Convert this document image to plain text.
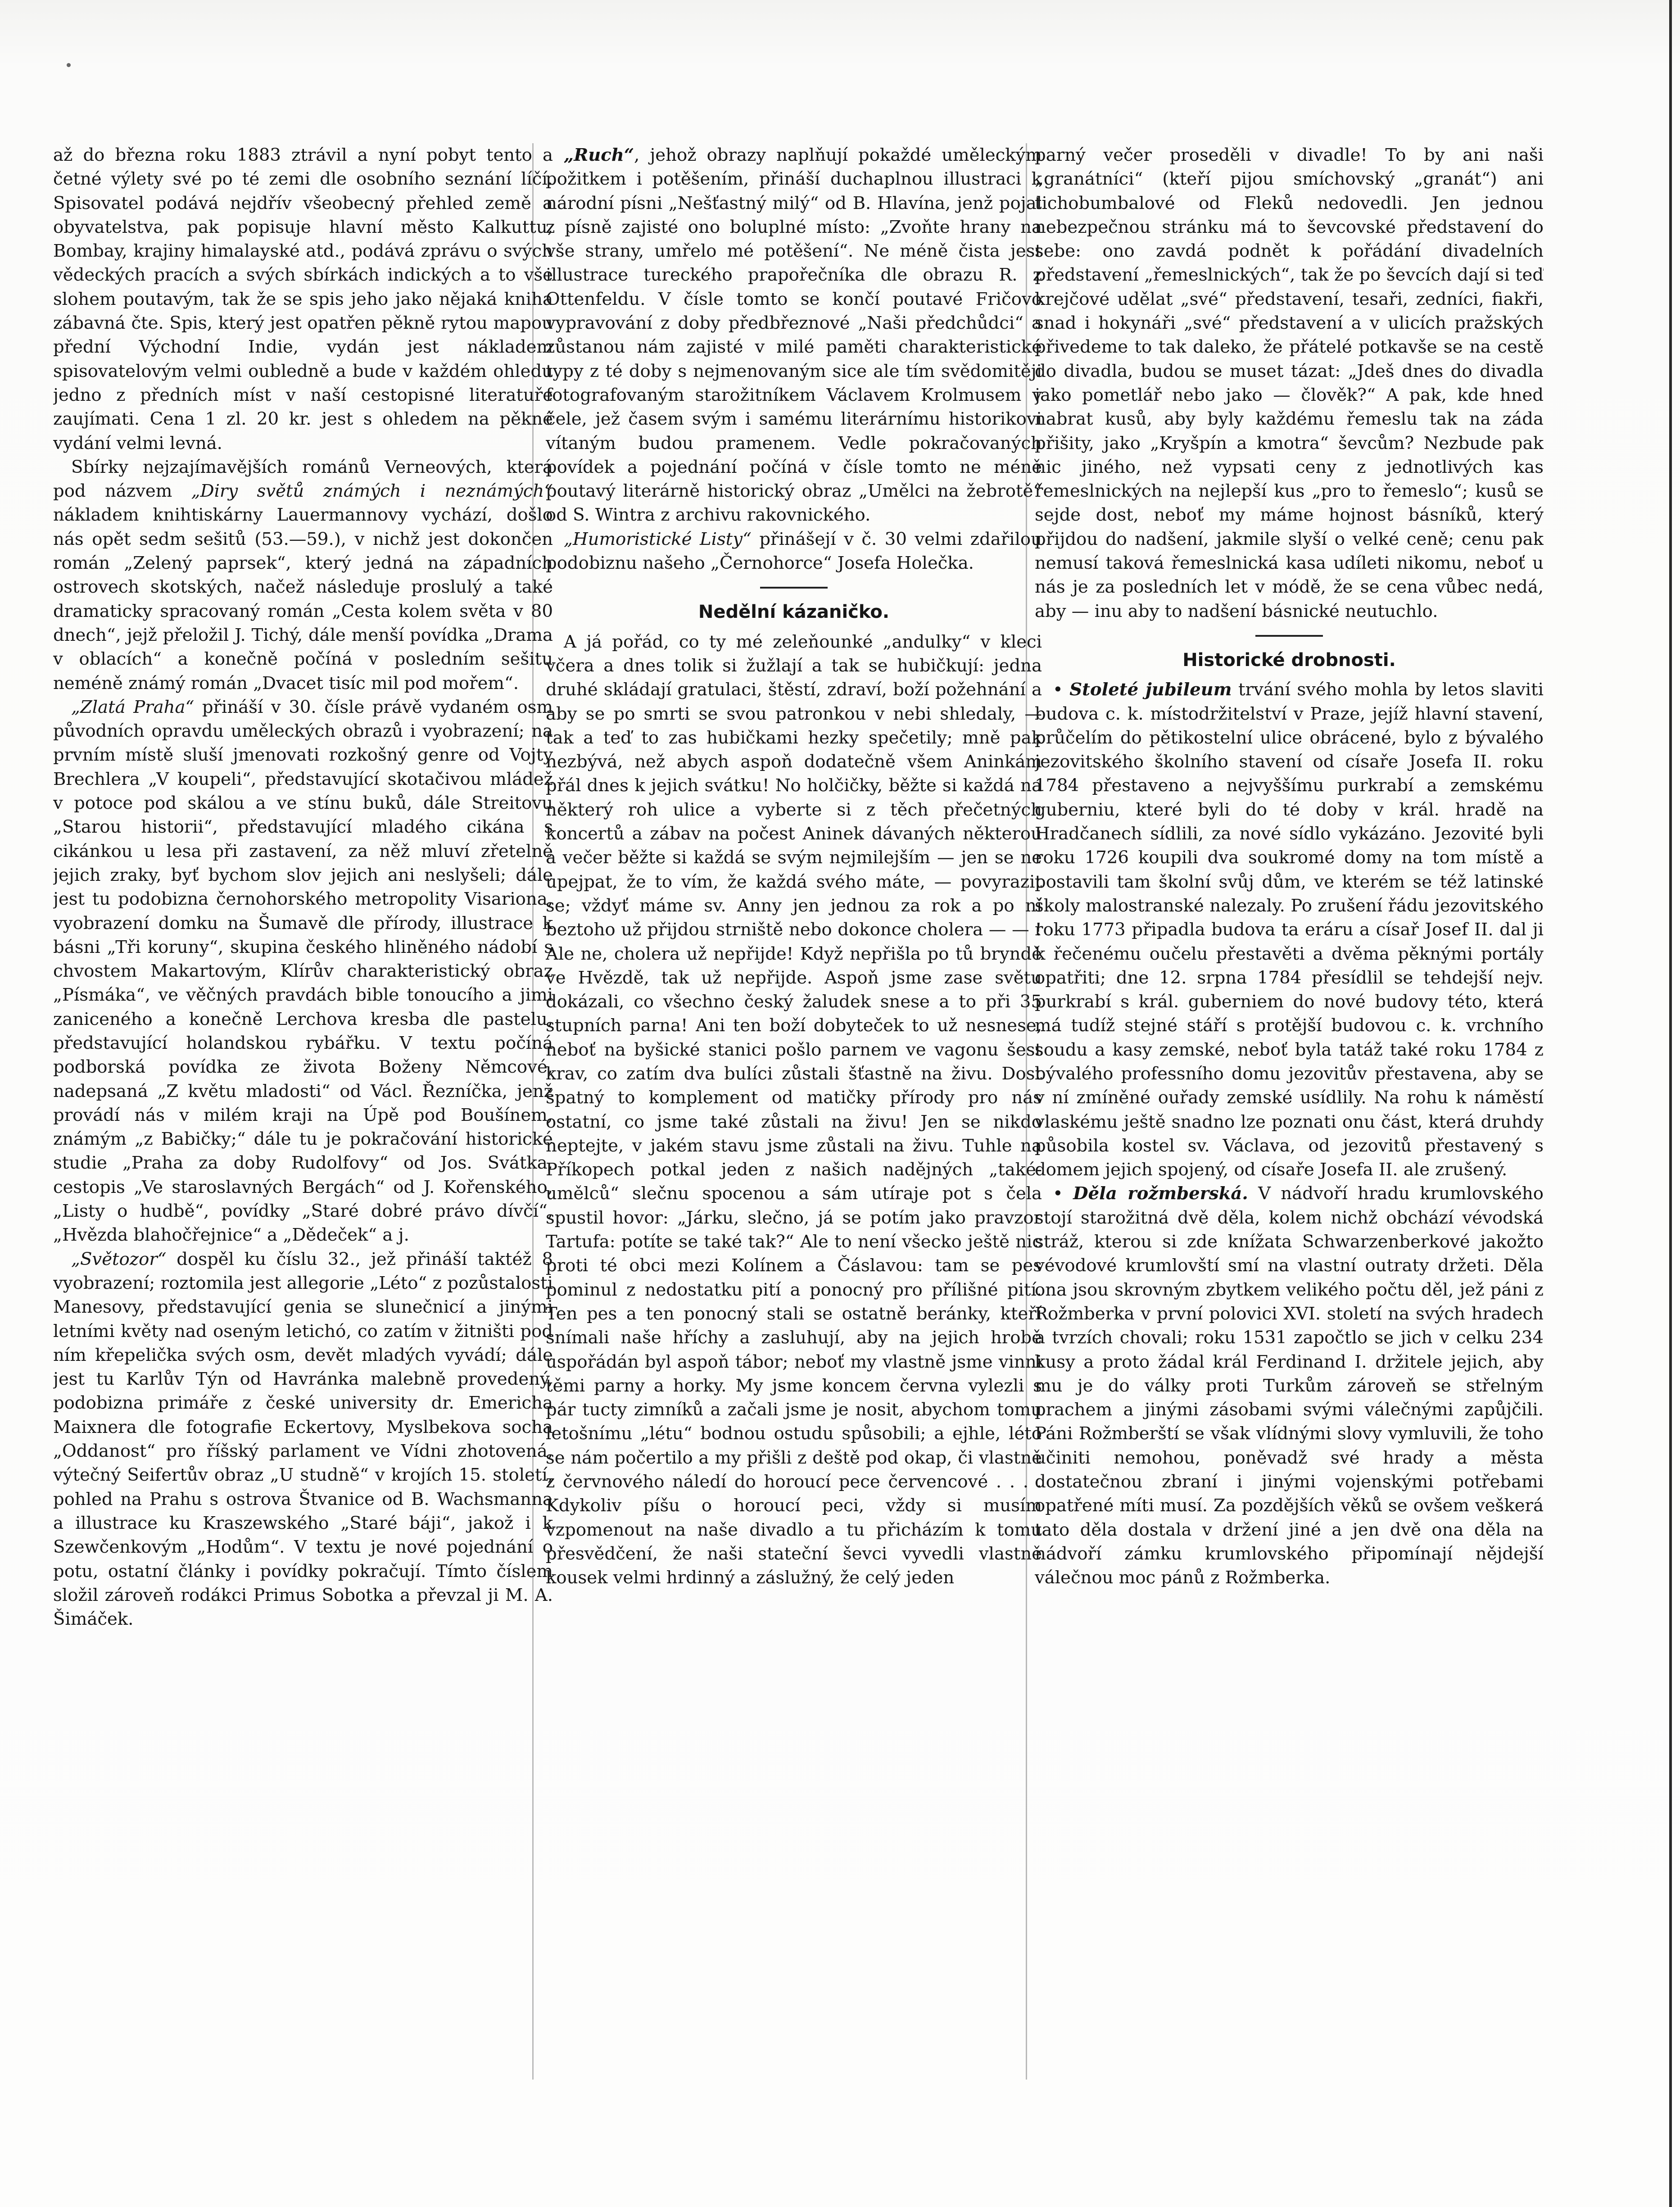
až do března roku 1883 ztrávil a nyní pobyt tento a četné výlety své po té zemi dle osobního seznání líčí. Spisovatel podává nejdřív všeobecný přehled země a obyvatelstva, pak popisuje hlavní město Kalkuttu, Bombay, krajiny himalayské atd., podává zprávu o svých vědeckých pracích a svých sbírkách indických a to vše slohem poutavým, tak že se spis jeho jako nějaká kniha zábavná čte. Spis, který jest opatřen pěkně rytou mapou přední Východní Indie, vydán jest nákladem spisovatelovým velmi oubledně a bude v každém ohledu jedno z předních míst v naší cestopisné literatuře zaujímati. Cena 1 zl. 20 kr. jest s ohledem na pěkné vydání velmi levná.

Sbírky nejzajímavějších románů Verneových, která pod názvem „Diry světů známých i neznámých“ nákladem knihtiskárny Lauermannovy vychází, došlo nás opět sedm sešitů (53.—59.), v nichž jest dokončen román „Zelený paprsek“, který jedná na západních ostrovech skotských, načež následuje proslulý a také dramaticky spracovaný román „Cesta kolem světa v 80 dnech“, jejž přeložil J. Tichý, dále menší povídka „Drama v oblacích“ a konečně počíná v posledním sešitu neméně známý román „Dvacet tisíc mil pod mořem“.

„Zlatá Praha“ přináší v 30. čísle právě vydaném osm původních opravdu uměleckých obrazů i vyobrazení; na prvním místě sluší jmenovati rozkošný genre od Vojty Brechlera „V koupeli“, představující skotačivou mládež v potoce pod skálou a ve stínu buků, dále Streitovu „Starou historii“, představující mladého cikána s cikánkou u lesa při zastavení, za něž mluví zřetelně jejich zraky, byť bychom slov jejich ani neslyšeli; dále jest tu podobizna černohorského metropolity Visariona, vyobrazení domku na Šumavě dle přírody, illustrace k básni „Tři koruny“, skupina českého hliněného nádobí s chvostem Makartovým, Klírův charakteristický obraz „Písmáka“, ve věčných pravdách bible tonoucího a jimi zaniceného a konečně Lerchova kresba dle pastelu, představující holandskou rybářku. V textu počíná podborská povídka ze života Boženy Němcové, nadepsaná „Z květu mladosti“ od Václ. Řezníčka, jenž provádí nás v milém kraji na Úpě pod Boušínem, známým „z Babičky;“ dále tu je pokračování historické studie „Praha za doby Rudolfovy“ od Jos. Svátka, cestopis „Ve staroslavných Bergách“ od J. Kořenského, „Listy o hudbě“, povídky „Staré dobré právo dívčí“, „Hvězda blahočřejnice“ a „Dědeček“ a j.

„Světozor“ dospěl ku číslu 32., jež přináší taktéž 8 vyobrazení; roztomila jest allegorie „Léto“ z pozůstalosti Manesovy, představující genia se slunečnicí a jinými letními květy nad oseným letichó, co zatím v žitništi pod ním křepelička svých osm, devět mladých vyvádí; dále jest tu Karlův Týn od Havránka malebně provedený, podobizna primáře z české university dr. Emericha Maixnera dle fotografie Eckertovy, Myslbekova socha „Oddanost“ pro říšský parlament ve Vídni zhotovená, výtečný Seifertův obraz „U studně“ v krojích 15. století, pohled na Prahu s ostrova Štvanice od B. Wachsmanna a illustrace ku Kraszewského „Staré báji“, jakož i k Szewčenkovým „Hodům“. V textu je nové pojednání o potu, ostatní články i povídky pokračují. Tímto číslem složil zároveň rodákci Primus Sobotka a převzal ji M. A. Šimáček.

„Ruch“, jehož obrazy naplňují pokaždé uměleckým požitkem i potěšením, přináší duchaplnou illustraci k národní písni „Nešťastný milý“ od B. Hlavína, jenž pojal z písně zajisté ono boluplné místo: „Zvoňte hrany na vše strany, umřelo mé potěšení“. Ne méně čista jest illustrace tureckého prapořečníka dle obrazu R. z Ottenfeldu. V čísle tomto se končí poutavé Fričovo vypravování z doby předbřeznové „Naši předchůdci“ a zůstanou nám zajisté v milé paměti charakteristické typy z té doby s nejmenovaným sice ale tím svědomitěji fotografovaným starožitníkem Václavem Krolmusem v čele, jež časem svým i samému literárnímu historikovi vítaným budou pramenem. Vedle pokračovaných povídek a pojednání počíná v čísle tomto ne méně poutavý literárně historický obraz „Umělci na žebrotě“ od S. Wintra z archivu rakovnického.

„Humoristické Listy“ přinášejí v č. 30 velmi zdařilou podobiznu našeho „Černohorce“ Josefa Holečka.

Nedělní kázaničko.

A já pořád, co ty mé zeleňounké „andulky“ v kleci včera a dnes tolik si žužlají a tak se hubičkují: jedna druhé skládají gratulaci, štěstí, zdraví, boží požehnání a aby se po smrti se svou patronkou v nebi shledaly, — tak a teď to zas hubičkami hezky spečetily; mně pak nezbývá, než abych aspoň dodatečně všem Aninkám přál dnes k jejich svátku! No holčičky, běžte si každá na některý roh ulice a vyberte si z těch přečetných koncertů a zábav na počest Aninek dávaných některou a večer běžte si každá se svým nejmilejším — jen se ne upejpat, že to vím, že každá svého máte, — povyrazit se; vždyť máme sv. Anny jen jednou za rok a po ní beztoho už přijdou strniště nebo dokonce cholera — — ! Ale ne, cholera už nepřijde! Když nepřišla po tů bryndě ve Hvězdě, tak už nepřijde. Aspoň jsme zase světu dokázali, co všechno český žaludek snese a to při 35 stupních parna! Ani ten boží dobyteček to už nesnese, neboť na byšické stanici pošlo parnem ve vagonu šest krav, co zatím dva bulíci zůstali šťastně na živu. Dost špatný to komplement od matičky přírody pro nás ostatní, co jsme také zůstali na živu! Jen se nikdo neptejte, v jakém stavu jsme zůstali na živu. Tuhle na Příkopech potkal jeden z našich nadějných „také-umělců“ slečnu spocenou a sám utíraje pot s čela spustil hovor: „Járku, slečno, já se potím jako pravzor Tartufa: potíte se také tak?“ Ale to není všecko ještě nic proti té obci mezi Kolínem a Čáslavou: tam se pes pominul z nedostatku pití a ponocný pro přílišné pití. Ten pes a ten ponocný stali se ostatně beránky, kteří snímali naše hříchy a zasluhují, aby na jejich hrobě uspořádán byl aspoň tábor; neboť my vlastně jsme vinni těmi parny a horky. My jsme koncem června vylezli s pár tucty zimníků a začali jsme je nosit, abychom tomu letošnímu „létu“ bodnou ostudu spůsobili; a ejhle, léto se nám počertilo a my přišli z deště pod okap, či vlastně z červnového náledí do horoucí pece červencové . . . . Kdykoliv píšu o horoucí peci, vždy si musím vzpomenout na naše divadlo a tu přicházím k tomu přesvědčení, že naši stateční ševci vyvedli vlastně kousek velmi hrdinný a záslužný, že celý jeden

parný večer proseděli v divadle! To by ani naši „granátníci“ (kteří pijou smíchovský „granát“) ani tichobumbalové od Fleků nedovedli. Jen jednou nebezpečnou stránku má to ševcovské představení do sebe: ono zavdá podnět k pořádání divadelních představení „řemeslnických“, tak že po ševcích dají si teď krejčové udělat „své“ představení, tesaři, zedníci, fiakři, snad i hokynáři „své“ představení a v ulicích pražských přivedeme to tak daleko, že přátelé potkavše se na cestě do divadla, budou se muset tázat: „Jdeš dnes do divadla jako pometlář nebo jako — člověk?“ A pak, kde hned nabrat kusů, aby byly každému řemeslu tak na záda přišity, jako „Kryšpín a kmotra“ ševcům? Nezbude pak nic jiného, než vypsati ceny z jednotlivých kas řemeslnických na nejlepší kus „pro to řemeslo“; kusů se sejde dost, neboť my máme hojnost básníků, který přijdou do nadšení, jakmile slyší o velké ceně; cenu pak nemusí taková řemeslnická kasa udíleti nikomu, neboť u nás je za posledních let v módě, že se cena vůbec nedá, aby — inu aby to nadšení básnické neutuchlo.

Historické drobnosti.

• Stoleté jubileum trvání svého mohla by letos slaviti budova c. k. místodržitelství v Praze, jejíž hlavní stavení, průčelím do pětikostelní ulice obrácené, bylo z bývalého jezovitského školního stavení od císaře Josefa II. roku 1784 přestaveno a nejvyššímu purkrabí a zemskému guberniu, které byli do té doby v král. hradě na Hradčanech sídlili, za nové sídlo vykázáno. Jezovité byli roku 1726 koupili dva soukromé domy na tom místě a postavili tam školní svůj dům, ve kterém se též latinské školy malostranské nalezaly. Po zrušení řádu jezovitského roku 1773 připadla budova ta eráru a císař Josef II. dal ji k řečenému oučelu přestavěti a dvěma pěknými portály opatřiti; dne 12. srpna 1784 přesídlil se tehdejší nejv. purkrabí s král. guberniem do nové budovy této, která má tudíž stejné stáří s protější budovou c. k. vrchního soudu a kasy zemské, neboť byla tatáž také roku 1784 z bývalého professního domu jezovitův přestavena, aby se v ní zmíněné ouřady zemské usídlily. Na rohu k náměstí vlaskému ještě snadno lze poznati onu část, která druhdy působila kostel sv. Václava, od jezovitů přestavený s domem jejich spojený, od císaře Josefa II. ale zrušený.

• Děla rožmberská. V nádvoří hradu krumlovského stojí starožitná dvě děla, kolem nichž obchází vévodská stráž, kterou si zde knížata Schwarzenberkové jakožto vévodové krumlovští smí na vlastní outraty držeti. Děla ona jsou skrovným zbytkem velikého počtu děl, jež páni z Rožmberka v první polovici XVI. století na svých hradech a tvrzích chovali; roku 1531 započtlo se jich v celku 234 kusy a proto žádal král Ferdinand I. držitele jejich, aby mu je do války proti Turkům zároveň se střelným prachem a jinými zásobami svými válečnými zapůjčili. Páni Rožmberští se však vlídnými slovy vymluvili, že toho učiniti nemohou, poněvadž své hrady a města dostatečnou zbraní i jinými vojenskými potřebami opatřené míti musí. Za pozdějších věků se ovšem veškerá tato děla dostala v držení jiné a jen dvě ona děla na nádvoří zámku krumlovského připomínají nějdejší válečnou moc pánů z Rožmberka.
